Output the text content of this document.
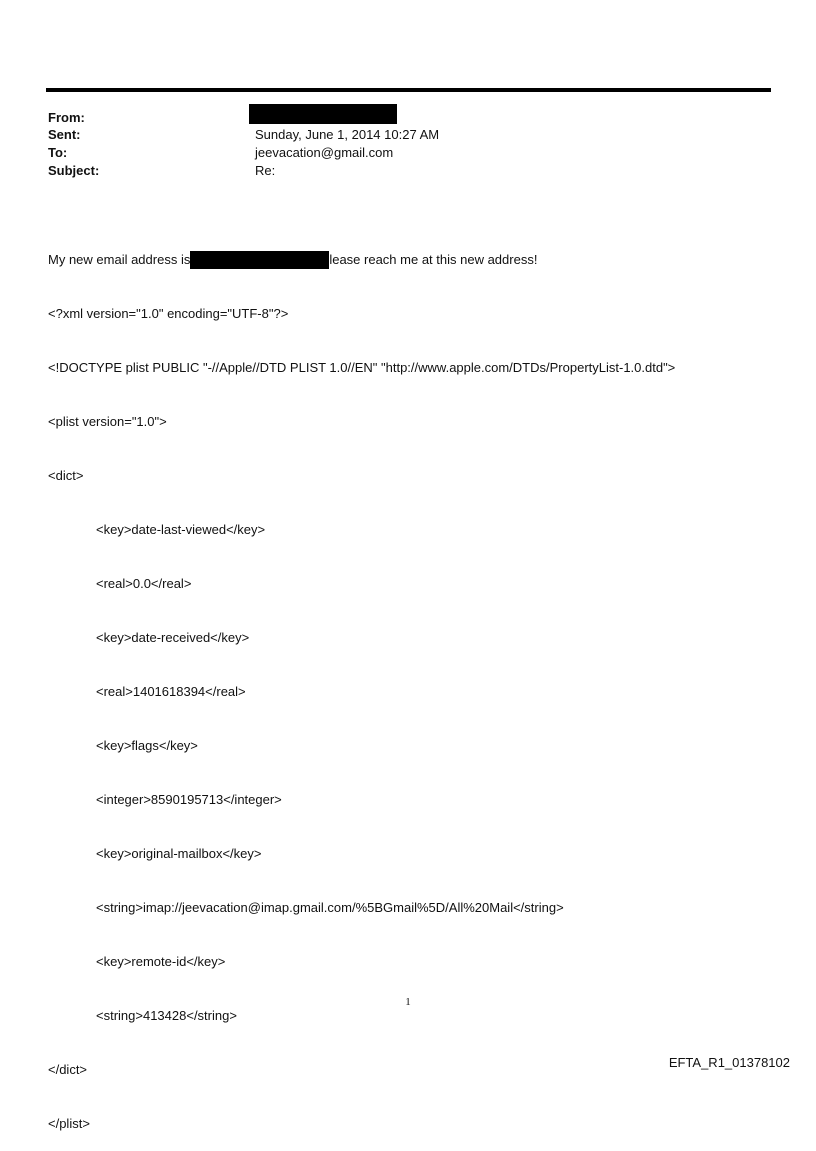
From:
Sent:	Sunday, June 1, 2014 10:27 AM
To:	jeevacation@gmail.com
Subject:	Re:

My new email address is	lease reach me at this new address!

<?xml version="1.0" encoding="UTF-8"?>

<!DOCTYPE plist PUBLIC "-//Apple//DTD PLIST 1.0//EN" "http://www.apple.com/DTDs/PropertyList-1.0.dtd">

<plist version="1.0">

<dict>

<key>date-last-viewed</key>

<real>0.0</real>

<key>date-received</key>

<real>1401618394</real>

<key>flags</key>

<integer>8590195713</integer>

<key>original-mailbox</key>

<string>imap://jeevacation@imap.gmail.com/%5BGmail%5D/All%20Mail</string>

<key>remote-id</key>

<string>413428</string>

</dict>

</plist>

1
EFTA_R1_01378102
